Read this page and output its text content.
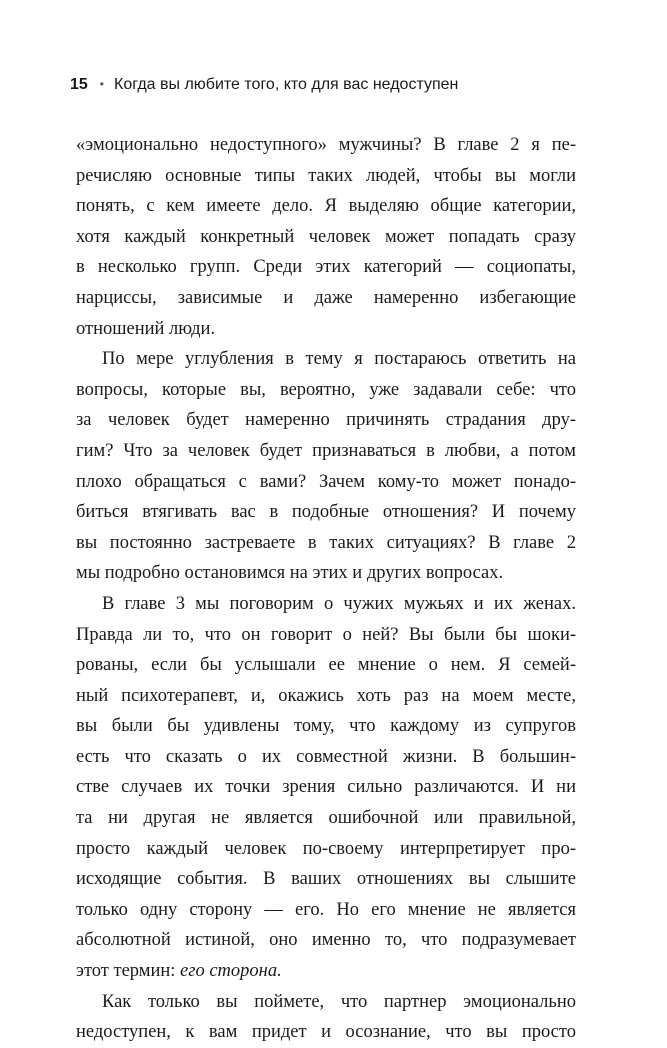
15 • Когда вы любите того, кто для вас недоступен
«эмоционально недоступного» мужчины? В главе 2 я пе-
речисляю основные типы таких людей, чтобы вы могли
понять, с кем имеете дело. Я выделяю общие категории,
хотя каждый конкретный человек может попадать сразу
в несколько групп. Среди этих категорий — социопаты,
нарциссы, зависимые и даже намеренно избегающие
отношений люди.
По мере углубления в тему я постараюсь ответить на
вопросы, которые вы, вероятно, уже задавали себе: что
за человек будет намеренно причинять страдания дру-
гим? Что за человек будет признаваться в любви, а потом
плохо обращаться с вами? Зачем кому-то может понадо-
биться втягивать вас в подобные отношения? И почему
вы постоянно застреваете в таких ситуациях? В главе 2
мы подробно остановимся на этих и других вопросах.
В главе 3 мы поговорим о чужих мужьях и их женах.
Правда ли то, что он говорит о ней? Вы были бы шоки-
рованы, если бы услышали ее мнение о нем. Я семей-
ный психотерапевт, и, окажись хоть раз на моем месте,
вы были бы удивлены тому, что каждому из супругов
есть что сказать о их совместной жизни. В большин-
стве случаев их точки зрения сильно различаются. И ни
та ни другая не является ошибочной или правильной,
просто каждый человек по-своему интерпретирует про-
исходящие события. В ваших отношениях вы слышите
только одну сторону — его. Но его мнение не является
абсолютной истиной, оно именно то, что подразумевает
этот термин: его сторона.
Как только вы поймете, что партнер эмоционально
недоступен, к вам придет и осознание, что вы просто
